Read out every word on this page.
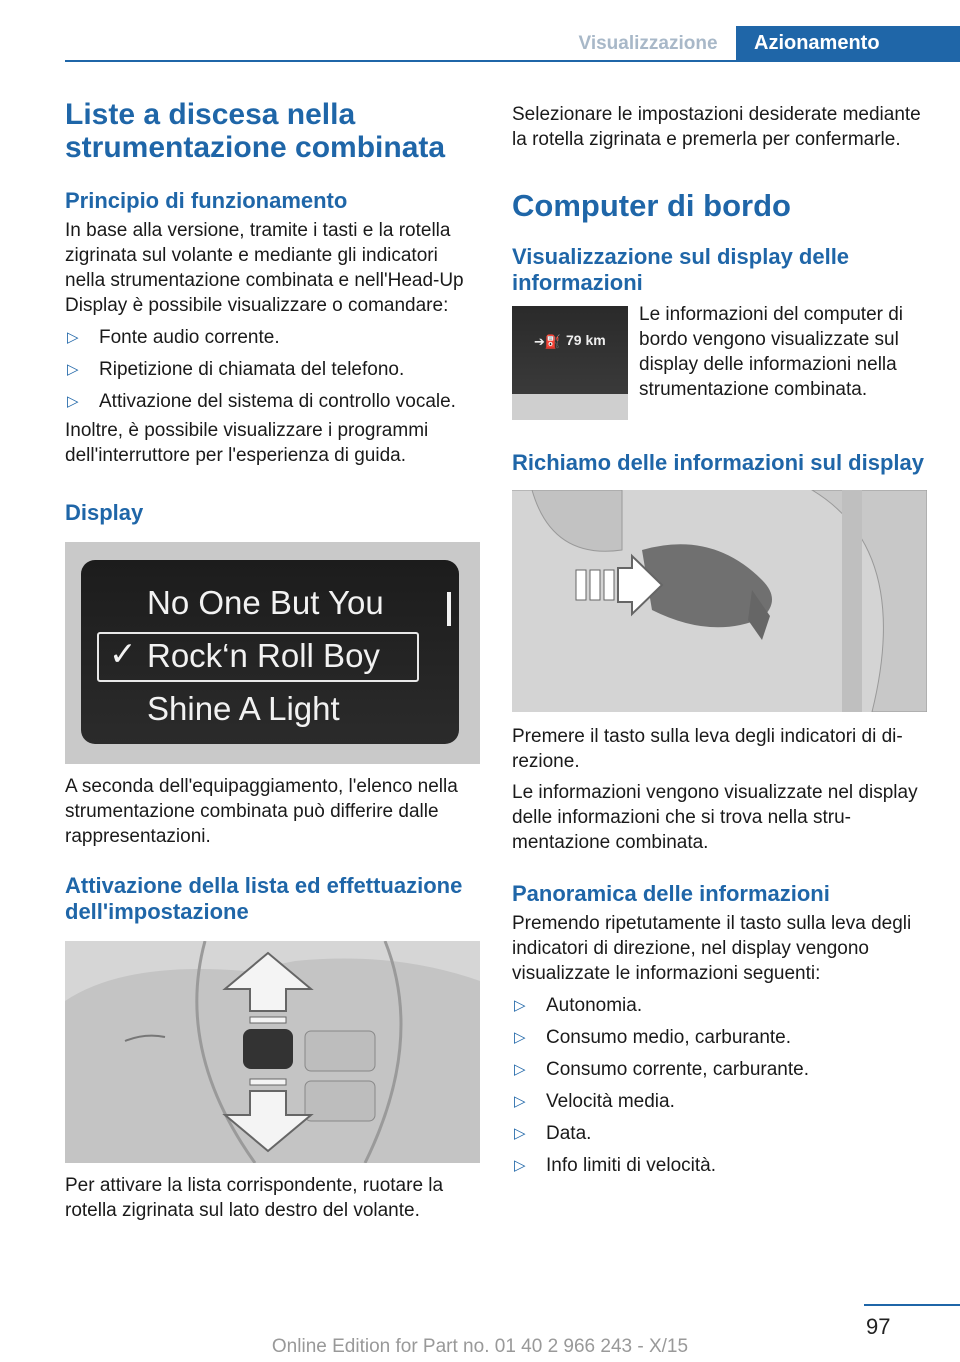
Visualizzazione	Azionamento
Liste a discesa nella strumentazione combinata
Principio di funzionamento

In base alla versione, tramite i tasti e la rotella zigrinata sul volante e mediante gli indicatori nella strumentazione combinata e nell'Head-Up Display è possibile visualizzare o comandare:

▷ Fonte audio corrente.
▷ Ripetizione di chiamata del telefono.
▷ Attivazione del sistema di controllo vocale.

Inoltre, è possibile visualizzare i programmi dell'interruttore per l'esperienza di guida.

Display
No One But You
✓ Rock‘n Roll Boy
Shine A Light

A seconda dell'equipaggiamento, l'elenco nella strumentazione combinata può differire dalle rappresentazioni.

Attivazione della lista ed effettuazione dell'impostazione

Per attivare la lista corrispondente, ruotare la rotella zigrinata sul lato destro del volante.

Selezionare le impostazioni desiderate mediante la rotella zigrinata e premerla per confermarle.

Computer di bordo
Visualizzazione sul display delle informazioni
➔⛽ 79 km

Le informazioni del computer di bordo vengono visualizzate sul display delle informazioni nella strumentazione combinata.

Richiamo delle informazioni sul display

Premere il tasto sulla leva degli indicatori di direzione.

Le informazioni vengono visualizzate nel display delle informazioni che si trova nella strumentazione combinata.

Panoramica delle informazioni

Premendo ripetutamente il tasto sulla leva degli indicatori di direzione, nel display vengono visualizzate le informazioni seguenti:

▷ Autonomia.
▷ Consumo medio, carburante.
▷ Consumo corrente, carburante.
▷ Velocità media.
▷ Data.
▷ Info limiti di velocità.
97
Online Edition for Part no. 01 40 2 966 243 - X/15
